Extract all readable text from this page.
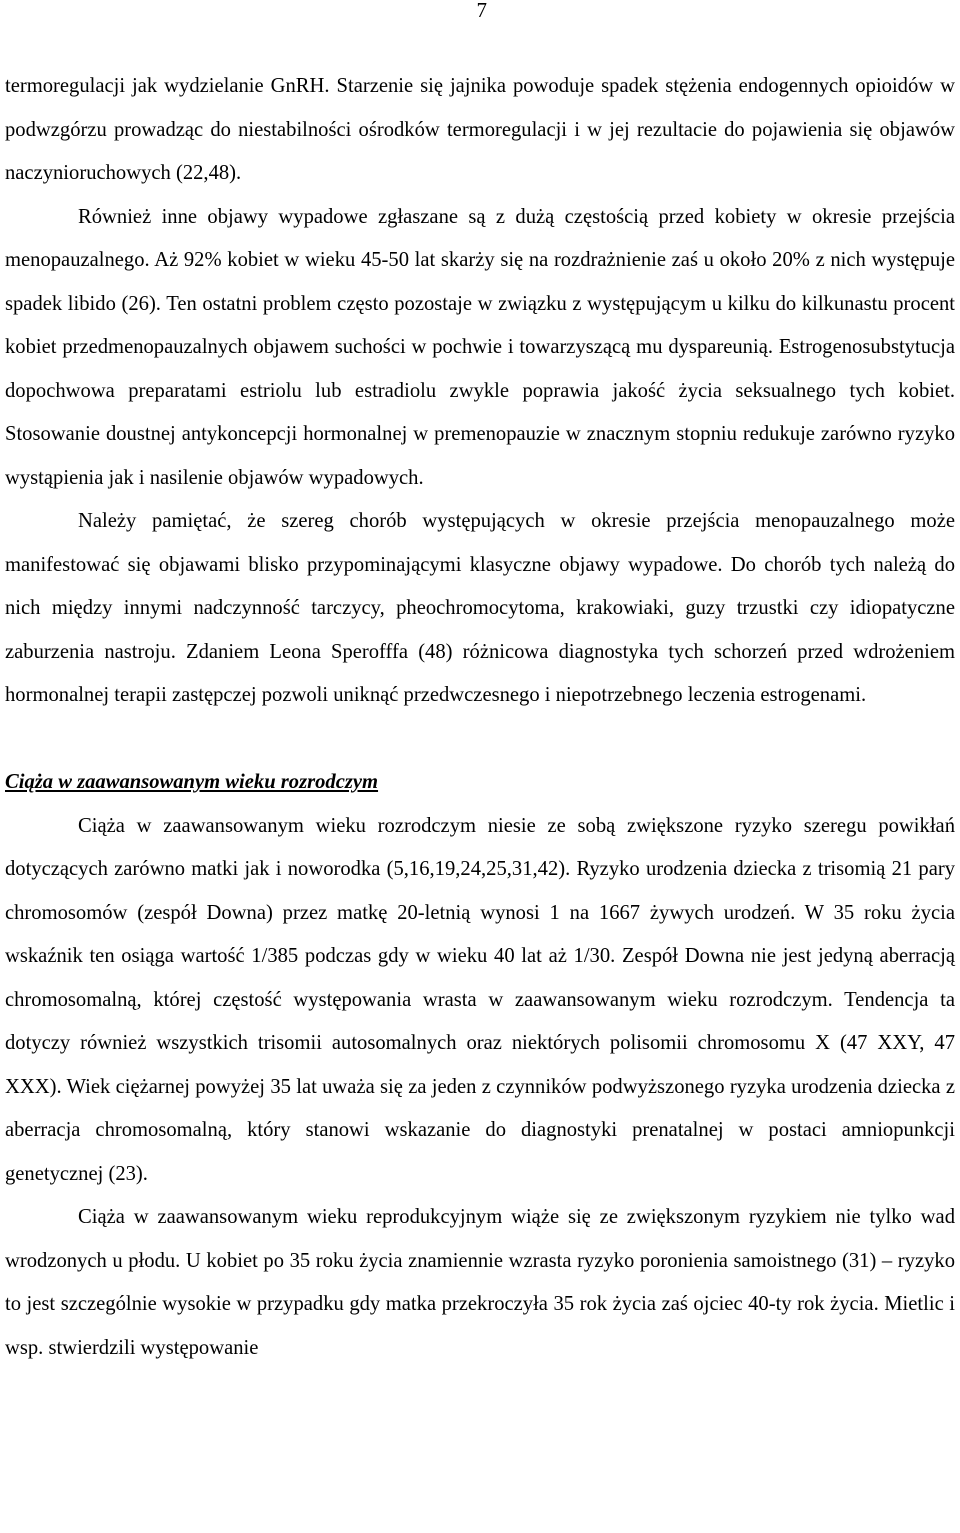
7

termoregulacji jak wydzielanie GnRH. Starzenie się jajnika powoduje spadek stężenia endogennych opioidów w podwzgórzu prowadząc do niestabilności ośrodków termoregulacji i w jej rezultacie do pojawienia się objawów naczynioruchowych (22,48).

Również inne objawy wypadowe zgłaszane są z dużą częstością przed kobiety w okresie przejścia menopauzalnego. Aż 92% kobiet w wieku 45-50 lat skarży się na rozdrażnienie zaś u około 20% z nich występuje spadek libido (26). Ten ostatni problem często pozostaje w związku z występującym u kilku do kilkunastu procent kobiet przedmenopauzalnych objawem suchości w pochwie i towarzyszącą mu dyspareunią. Estrogenosubstytucja dopochwowa preparatami estriolu lub estradiolu zwykle poprawia jakość życia seksualnego tych kobiet. Stosowanie doustnej antykoncepcji hormonalnej w premenopauzie w znacznym stopniu redukuje zarówno ryzyko wystąpienia jak i nasilenie objawów wypadowych.

Należy pamiętać, że szereg chorób występujących w okresie przejścia menopauzalnego może manifestować się objawami blisko przypominającymi klasyczne objawy wypadowe. Do chorób tych należą do nich między innymi nadczynność tarczycy, pheochromocytoma, krakowiaki, guzy trzustki czy idiopatyczne zaburzenia nastroju. Zdaniem Leona Sperofffa (48) różnicowa diagnostyka tych schorzeń przed wdrożeniem hormonalnej terapii zastępczej pozwoli uniknąć przedwczesnego i niepotrzebnego leczenia estrogenami.

Ciąża w zaawansowanym wieku rozrodczym

Ciąża w zaawansowanym wieku rozrodczym niesie ze sobą zwiększone ryzyko szeregu powikłań dotyczących zarówno matki jak i noworodka (5,16,19,24,25,31,42). Ryzyko urodzenia dziecka z trisomią 21 pary chromosomów (zespół Downa) przez matkę 20-letnią wynosi 1 na 1667 żywych urodzeń. W 35 roku życia wskaźnik ten osiąga wartość 1/385 podczas gdy w wieku 40 lat aż 1/30. Zespół Downa nie jest jedyną aberracją chromosomalną, której częstość występowania wrasta w zaawansowanym wieku rozrodczym. Tendencja ta dotyczy również wszystkich trisomii autosomalnych oraz niektórych polisomii chromosomu X (47 XXY, 47 XXX). Wiek ciężarnej powyżej 35 lat uważa się za jeden z czynników podwyższonego ryzyka urodzenia dziecka z aberracja chromosomalną, który stanowi wskazanie do diagnostyki prenatalnej w postaci amniopunkcji genetycznej (23).

Ciąża w zaawansowanym wieku reprodukcyjnym wiąże się ze zwiększonym ryzykiem nie tylko wad wrodzonych u płodu. U kobiet po 35 roku życia znamiennie wzrasta ryzyko poronienia samoistnego (31) – ryzyko to jest szczególnie wysokie w przypadku gdy matka przekroczyła 35 rok życia zaś ojciec 40-ty rok życia. Mietlic i wsp. stwierdzili występowanie
